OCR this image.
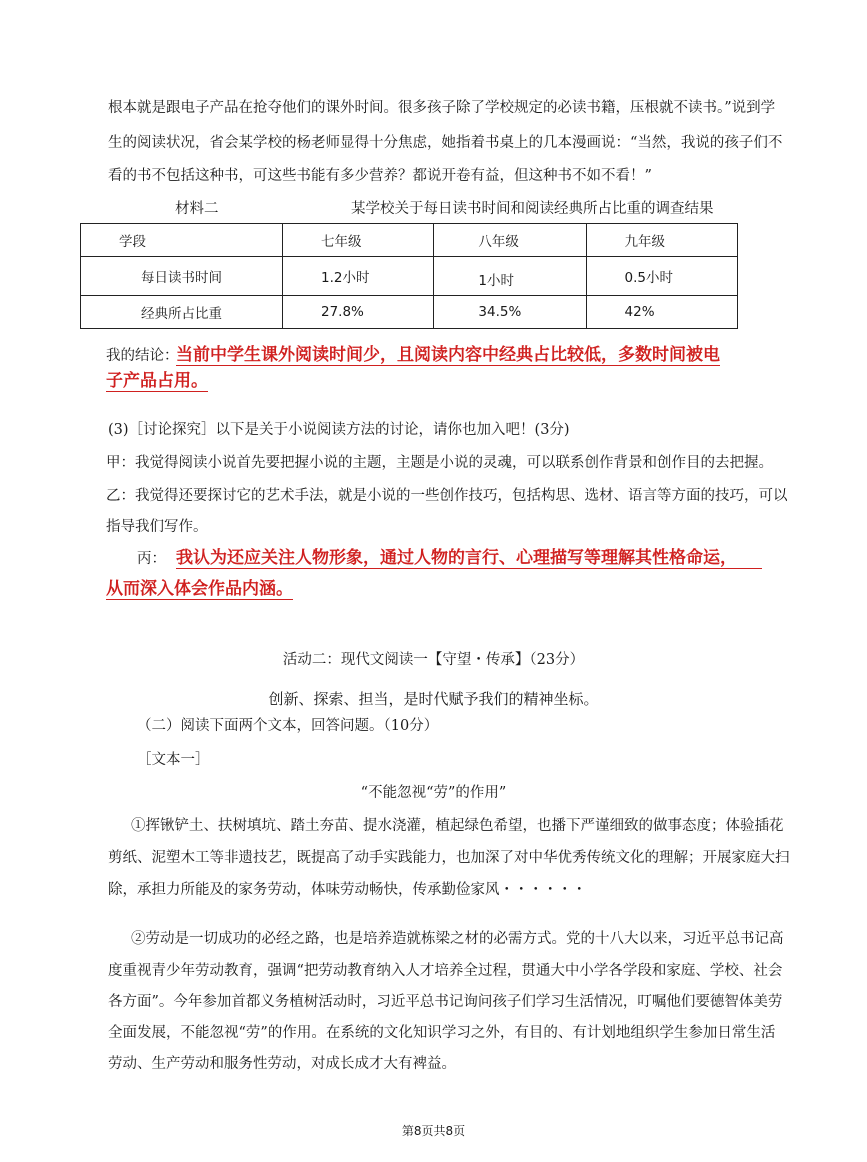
根本就是跟电子产品在抢夺他们的课外时间。很多孩子除了学校规定的必读书籍，压根就不读书。”说到学
生的阅读状况，省会某学校的杨老师显得十分焦虑，她指着书桌上的几本漫画说：“当然，我说的孩子们不
看的书不包括这种书，可这些书能有多少营养？都说开卷有益，但这种书不如不看！”
材料二	某学校关于每日读书时间和阅读经典所占比重的调查结果
学段	七年级	八年级	九年级
每日读书时间	1.2小时	1小时	0.5小时
经典所占比重	27.8%	34.5%	42%
我的结论：
当前中学生课外阅读时间少，且阅读内容中经典占比较低，多数时间被电
子产品占用。
(3)［讨论探究］以下是关于小说阅读方法的讨论，请你也加入吧！(3分)
甲：我觉得阅读小说首先要把握小说的主题，主题是小说的灵魂，可以联系创作背景和创作目的去把握。
乙：我觉得还要探讨它的艺术手法，就是小说的一些创作技巧，包括构思、选材、语言等方面的技巧，可以
指导我们写作。
丙： 我认为还应关注人物形象，通过人物的言行、心理描写等理解其性格命运，
从而深入体会作品内涵。
活动二：现代文阅读一【守望・传承】（23分）
创新、探索、担当，是时代赋予我们的精神坐标。
（二）阅读下面两个文本，回答问题。（10分）
［文本一］
“不能忽视“劳”的作用”
①挥锹铲土、扶树填坑、踏土夯苗、提水浇灌，植起绿色希望，也播下严谨细致的做事态度；体验插花
剪纸、泥塑木工等非遗技艺，既提高了动手实践能力，也加深了对中华优秀传统文化的理解；开展家庭大扫
除，承担力所能及的家务劳动，体味劳动畅快，传承勤俭家风・・・・・・
②劳动是一切成功的必经之路，也是培养造就栋梁之材的必需方式。党的十八大以来，习近平总书记高
度重视青少年劳动教育，强调“把劳动教育纳入人才培养全过程，贯通大中小学各学段和家庭、学校、社会
各方面”。今年参加首都义务植树活动时，习近平总书记询问孩子们学习生活情况，叮嘱他们要德智体美劳
全面发展，不能忽视“劳”的作用。在系统的文化知识学习之外，有目的、有计划地组织学生参加日常生活
劳动、生产劳动和服务性劳动，对成长成才大有裨益。
第8页共8页
